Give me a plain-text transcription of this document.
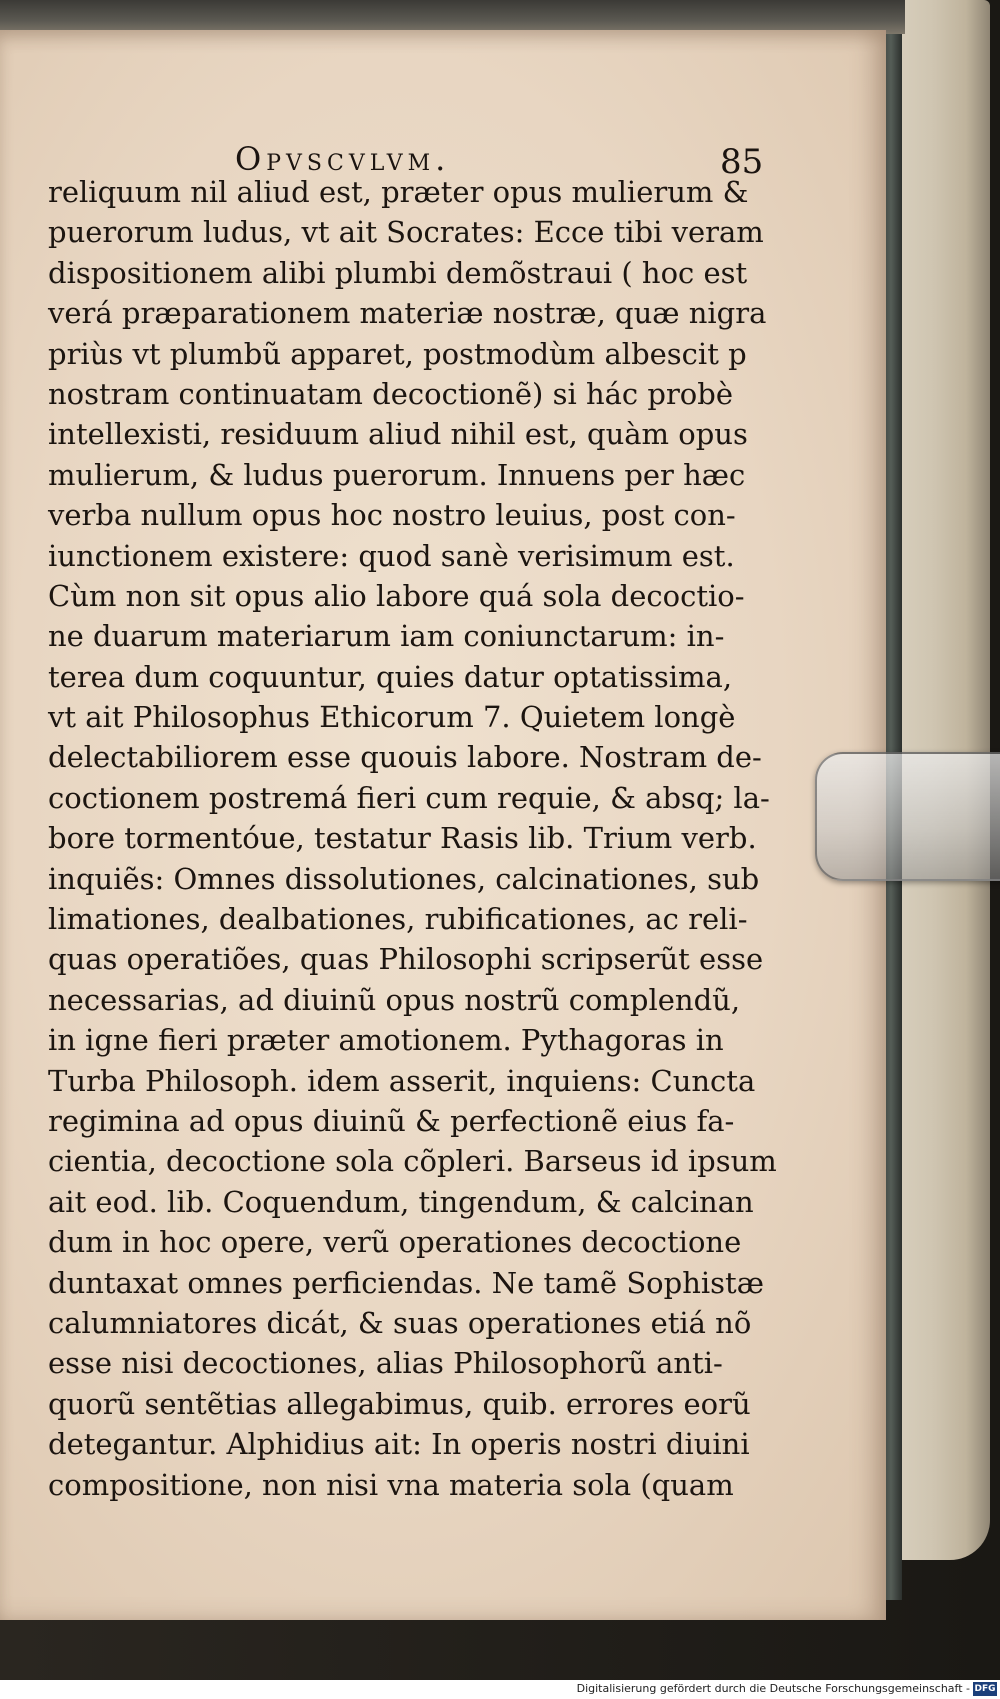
Opvscvlvm.	85
reliquum nil aliud est, præter opus mulierum &
puerorum ludus, vt ait Socrates: Ecce tibi veram
dispositionem alibi plumbi demõstraui ( hoc est
verá præparationem materiæ nostræ, quæ nigra
priùs vt plumbũ apparet, postmodùm albescit p
nostram continuatam decoctionẽ) si hác probè
intellexisti, residuum aliud nihil est, quàm opus
mulierum, & ludus puerorum. Innuens per hæc
verba nullum opus hoc nostro leuius, post con-
iunctionem existere: quod sanè verisimum est.
Cùm non sit opus alio labore quá sola decoctio-
ne duarum materiarum iam coniunctarum: in-
terea dum coquuntur, quies datur optatissima,
vt ait Philosophus Ethicorum 7. Quietem longè
delectabiliorem esse quouis labore. Nostram de-
coctionem postremá fieri cum requie, & absq; la-
bore tormentóue, testatur Rasis lib. Trium verb.
inquiẽs: Omnes dissolutiones, calcinationes, sub
limationes, dealbationes, rubificationes, ac reli-
quas operatiões, quas Philosophi scripserũt esse
necessarias, ad diuinũ opus nostrũ complendũ,
in igne fieri præter amotionem. Pythagoras in
Turba Philosoph. idem asserit, inquiens: Cuncta
regimina ad opus diuinũ & perfectionẽ eius fa-
cientia, decoctione sola cõpleri. Barseus id ipsum
ait eod. lib. Coquendum, tingendum, & calcinan
dum in hoc opere, verũ operationes decoctione
duntaxat omnes perficiendas. Ne tamẽ Sophistæ
calumniatores dicát, & suas operationes etiá nõ
esse nisi decoctiones, alias Philosophorũ anti-
quorũ sentẽtias allegabimus, quib. errores eorũ
detegantur. Alphidius ait: In operis nostri diuini
compositione, non nisi vna materia sola (quam
Digitalisierung gefördert durch die Deutsche Forschungsgemeinschaft - DFG
